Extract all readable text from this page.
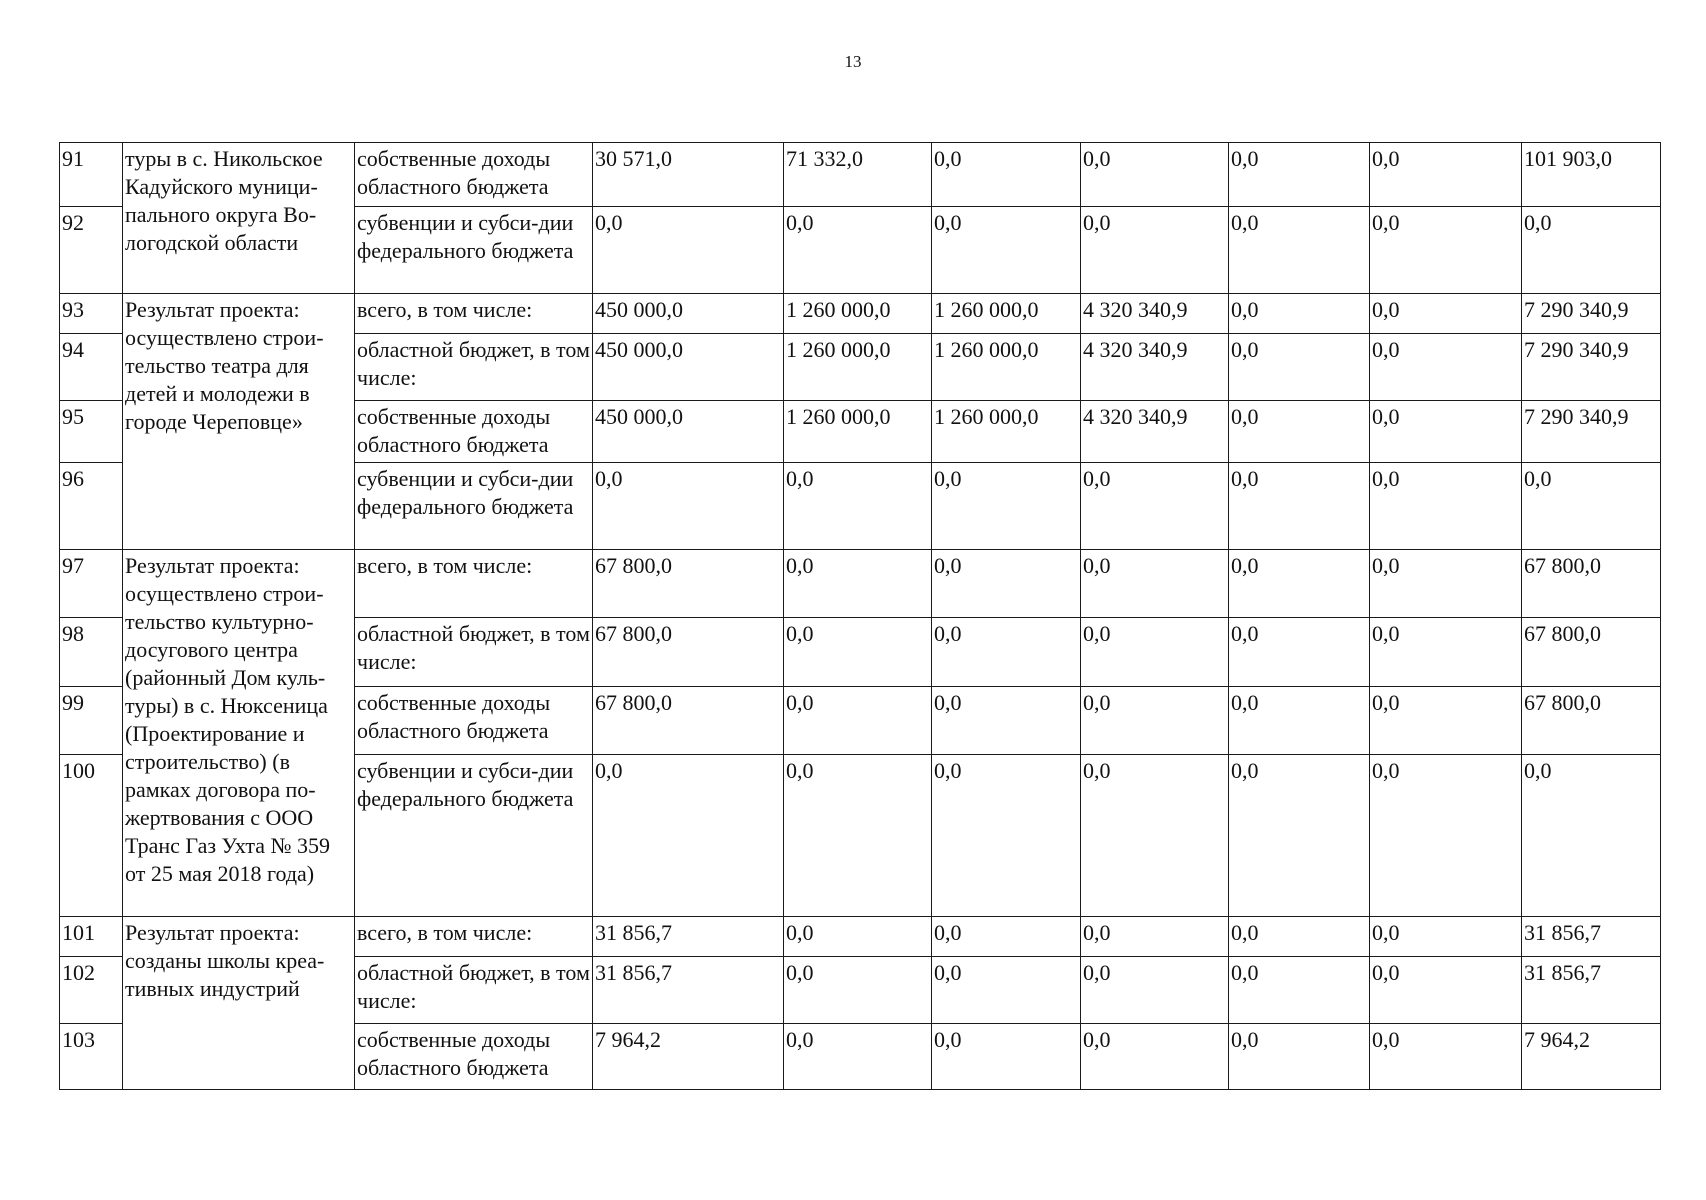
13
91	туры в с. Никольское Кадуйского муници-пального округа Во-логодской области	собственные доходы областного бюджета	30 571,0	71 332,0	0,0	0,0	0,0	0,0	101 903,0
92		субвенции и субси-дии федерального бюджета	0,0	0,0	0,0	0,0	0,0	0,0	0,0
93	Результат проекта: осуществлено строи-тельство театра для детей и молодежи в городе Череповце»	всего, в том числе:	450 000,0	1 260 000,0	1 260 000,0	4 320 340,9	0,0	0,0	7 290 340,9
94		областной бюджет, в том числе:	450 000,0	1 260 000,0	1 260 000,0	4 320 340,9	0,0	0,0	7 290 340,9
95		собственные доходы областного бюджета	450 000,0	1 260 000,0	1 260 000,0	4 320 340,9	0,0	0,0	7 290 340,9
96		субвенции и субси-дии федерального бюджета	0,0	0,0	0,0	0,0	0,0	0,0	0,0
97	Результат проекта: осуществлено строи-тельство культурно-досугового центра (районный Дом куль-туры) в с. Нюксеница (Проектирование и строительство) (в рамках договора по-жертвования с ООО Транс Газ Ухта № 359 от 25 мая 2018 года)	всего, в том числе:	67 800,0	0,0	0,0	0,0	0,0	0,0	67 800,0
98		областной бюджет, в том числе:	67 800,0	0,0	0,0	0,0	0,0	0,0	67 800,0
99		собственные доходы областного бюджета	67 800,0	0,0	0,0	0,0	0,0	0,0	67 800,0
100		субвенции и субси-дии федерального бюджета	0,0	0,0	0,0	0,0	0,0	0,0	0,0
101	Результат проекта: созданы школы креа-тивных индустрий	всего, в том числе:	31 856,7	0,0	0,0	0,0	0,0	0,0	31 856,7
102		областной бюджет, в том числе:	31 856,7	0,0	0,0	0,0	0,0	0,0	31 856,7
103		собственные доходы областного бюджета	7 964,2	0,0	0,0	0,0	0,0	0,0	7 964,2
